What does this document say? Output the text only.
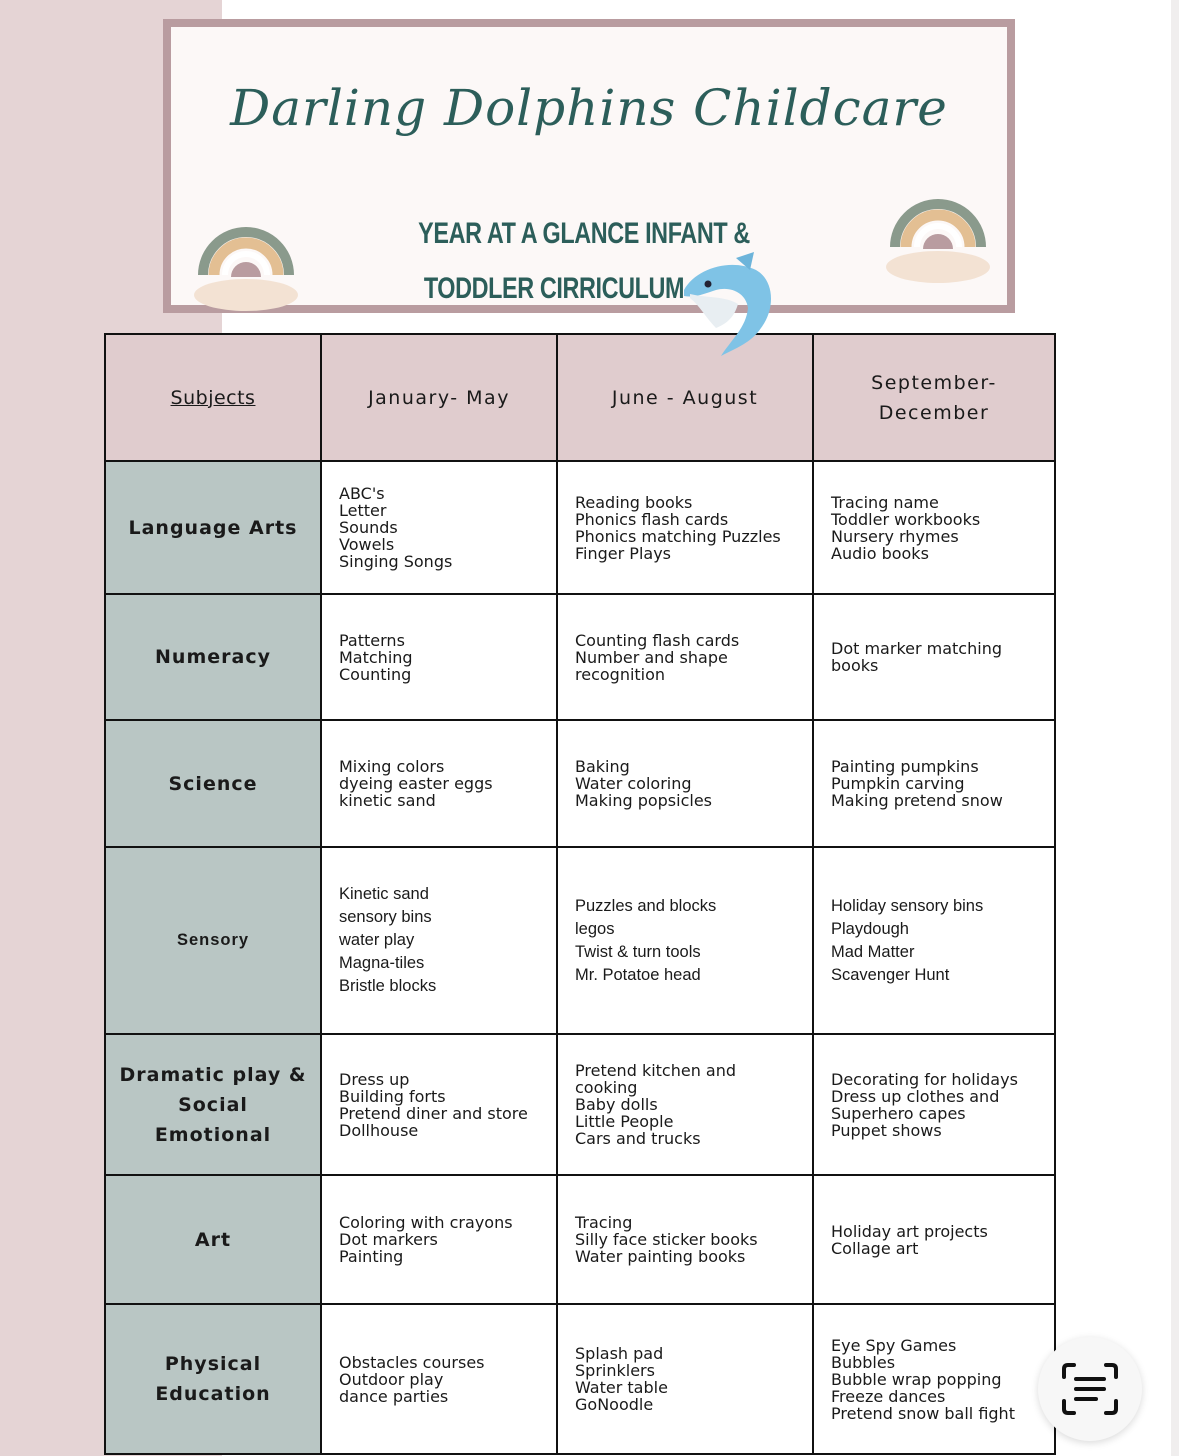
Darling Dolphins Childcare
YEAR AT A GLANCE INFANT &
TODDLER CIRRICULUM
Subjects	January- May	June - August	September-
December

Language Arts	ABC's
Letter
Sounds
Vowels
Singing Songs	Reading books
Phonics flash cards
Phonics matching Puzzles
Finger Plays	Tracing name
Toddler workbooks
Nursery rhymes
Audio books

Numeracy	Patterns
Matching
Counting	Counting flash cards
Number and shape
recognition	Dot marker matching
books

Science	Mixing colors
dyeing easter eggs
kinetic sand	Baking
Water coloring
Making popsicles	Painting pumpkins
Pumpkin carving
Making pretend snow

Sensory	Kinetic sand
sensory bins
water play
Magna-tiles
Bristle blocks	Puzzles and blocks
legos
Twist & turn tools
Mr. Potatoe head	Holiday sensory bins
Playdough
Mad Matter
Scavenger Hunt

Dramatic play &
Social
Emotional	Dress up
Building forts
Pretend diner and store
Dollhouse	Pretend kitchen and
cooking
Baby dolls
Little People
Cars and trucks	Decorating for holidays
Dress up clothes and
Superhero capes
Puppet shows

Art	Coloring with crayons
Dot markers
Painting	Tracing
Silly face sticker books
Water painting books	Holiday art projects
Collage art

Physical
Education	Obstacles courses
Outdoor play
dance parties	Splash pad
Sprinklers
Water table
GoNoodle	Eye Spy Games
Bubbles
Bubble wrap popping
Freeze dances
Pretend snow ball fight
